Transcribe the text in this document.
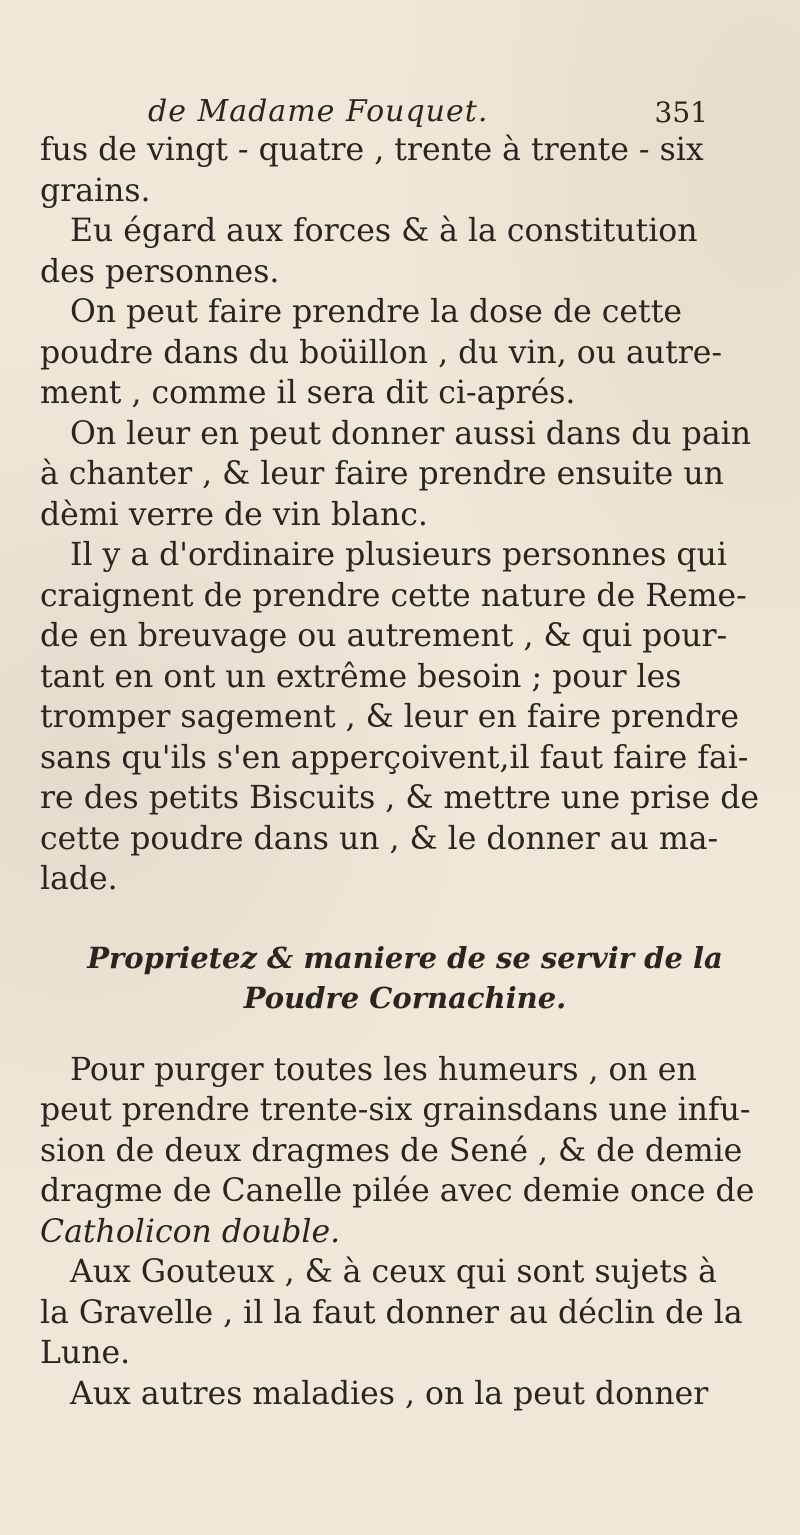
de Madame Fouquet.	351
fus de vingt - quatre , trente à trente - six
grains.
Eu égard aux forces & à la constitution
des personnes.
On peut faire prendre la dose de cette
poudre dans du boüillon , du vin, ou autre-
ment , comme il sera dit ci-aprés.
On leur en peut donner aussi dans du pain
à chanter , & leur faire prendre ensuite un
dèmi verre de vin blanc.
Il y a d'ordinaire plusieurs personnes qui
craignent de prendre cette nature de Reme-
de en breuvage ou autrement , & qui pour-
tant en ont un extrême besoin ; pour les
tromper sagement , & leur en faire prendre
sans qu'ils s'en apperçoivent,il faut faire fai-
re des petits Biscuits , & mettre une prise de
cette poudre dans un , & le donner au ma-
lade.
Proprietez & maniere de se servir de la
Poudre Cornachine.
Pour purger toutes les humeurs , on en
peut prendre trente-six grainsdans une infu-
sion de deux dragmes de Sené , & de demie
dragme de Canelle pilée avec demie once de
Catholicon double.
Aux Gouteux , & à ceux qui sont sujets à
la Gravelle , il la faut donner au déclin de la
Lune.
Aux autres maladies , on la peut donner
